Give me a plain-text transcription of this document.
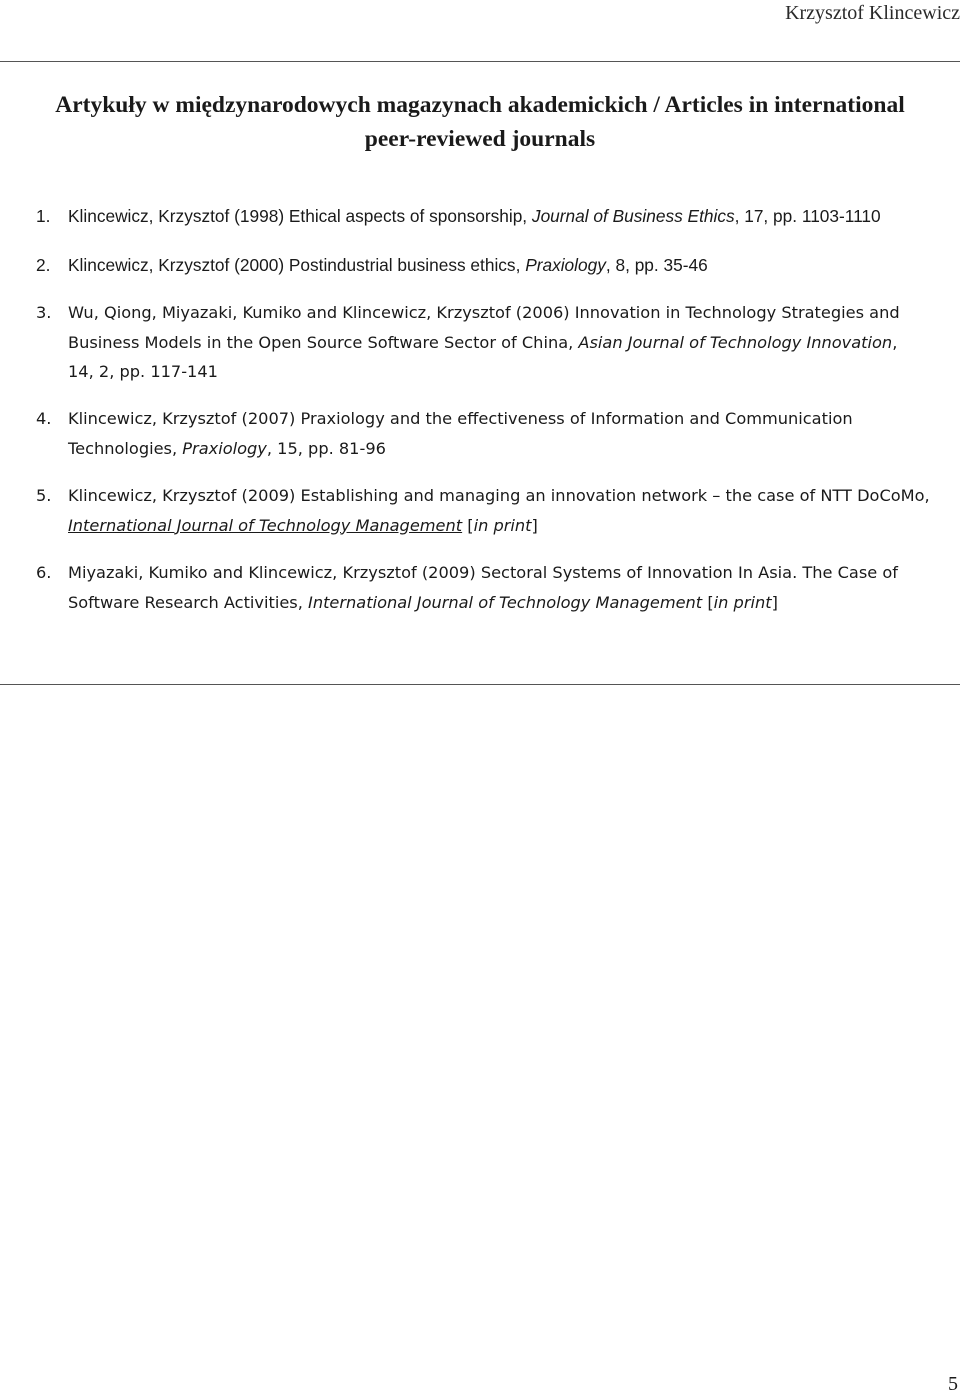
Krzysztof Klincewicz
Artykuły w międzynarodowych magazynach akademickich / Articles in international
peer-reviewed journals
1. Klincewicz, Krzysztof (1998) Ethical aspects of sponsorship, Journal of Business Ethics, 17, pp. 1103-1110
2. Klincewicz, Krzysztof (2000) Postindustrial business ethics, Praxiology, 8, pp. 35-46
3. Wu, Qiong, Miyazaki, Kumiko and Klincewicz, Krzysztof (2006) Innovation in Technology Strategies and
Business Models in the Open Source Software Sector of China, Asian Journal of Technology Innovation,
14, 2, pp. 117-141
4. Klincewicz, Krzysztof (2007) Praxiology and the effectiveness of Information and Communication
Technologies, Praxiology, 15, pp. 81-96
5. Klincewicz, Krzysztof (2009) Establishing and managing an innovation network – the case of NTT DoCoMo,
International Journal of Technology Management [in print]
6. Miyazaki, Kumiko and Klincewicz, Krzysztof (2009) Sectoral Systems of Innovation In Asia. The Case of
Software Research Activities, International Journal of Technology Management [in print]
5
